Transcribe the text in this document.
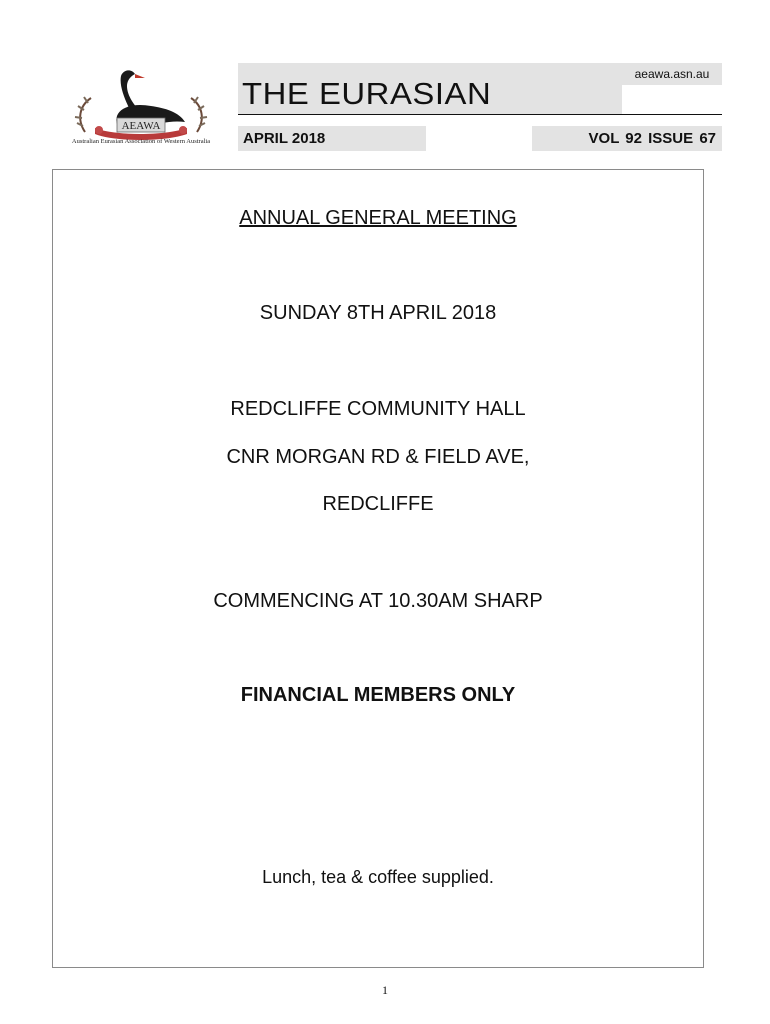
AEAWA
Australian Eurasian Association of Western Australia
aeawa.asn.au
THE EURASIAN
APRIL 2018	VOL 92 ISSUE 67
ANNUAL GENERAL MEETING
SUNDAY 8TH APRIL 2018
REDCLIFFE COMMUNITY HALL
CNR MORGAN RD & FIELD AVE,
REDCLIFFE
COMMENCING AT 10.30AM SHARP
FINANCIAL MEMBERS ONLY
Lunch, tea & coffee supplied.
1
